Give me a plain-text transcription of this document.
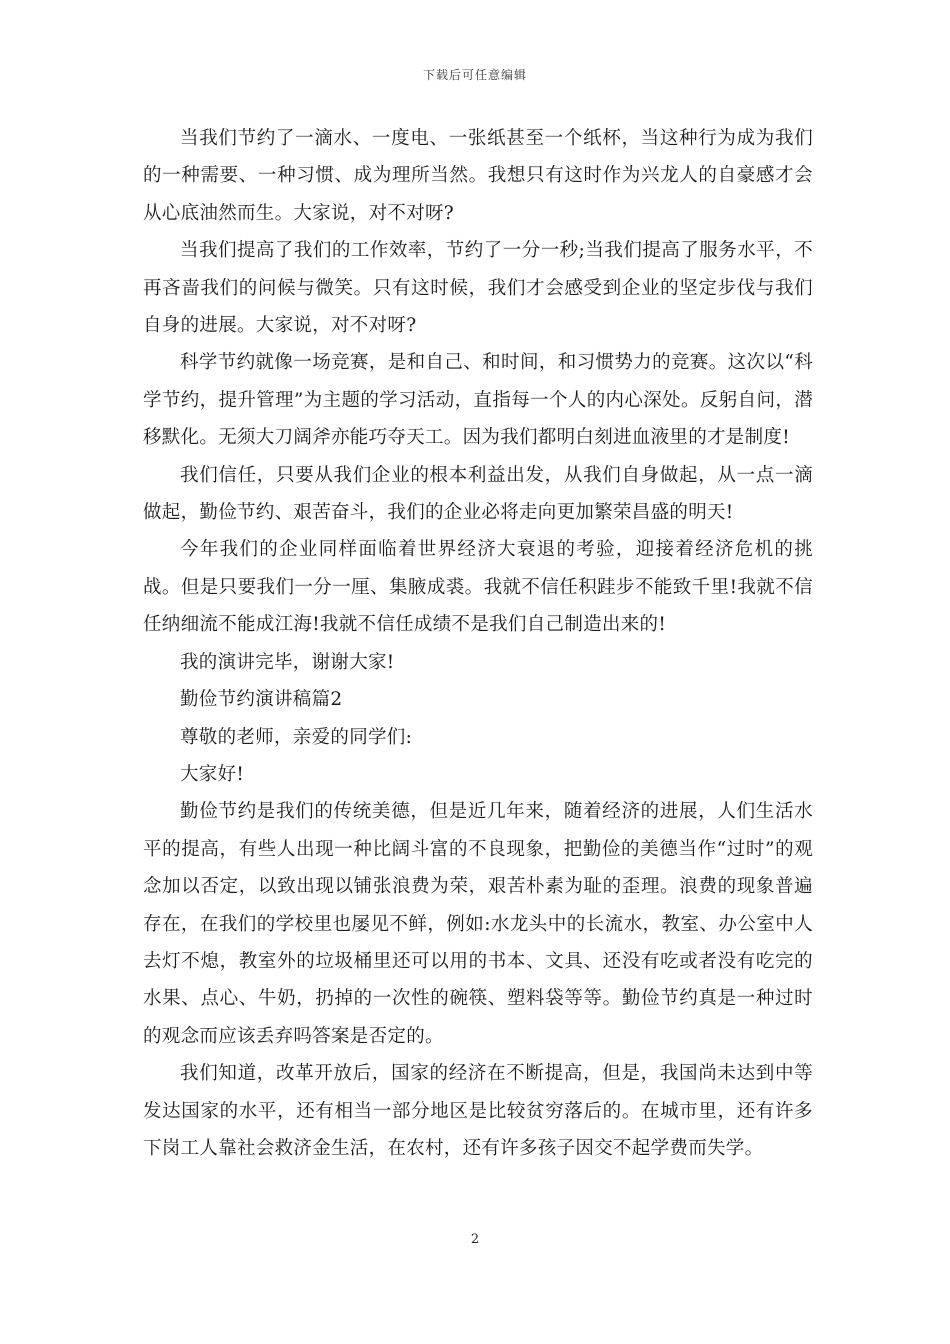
下载后可任意编辑

当我们节约了一滴水、一度电、一张纸甚至一个纸杯，当这种行为成为我们的一种需要、一种习惯、成为理所当然。我想只有这时作为兴龙人的自豪感才会从心底油然而生。大家说，对不对呀?

当我们提高了我们的工作效率，节约了一分一秒;当我们提高了服务水平，不再吝啬我们的问候与微笑。只有这时候，我们才会感受到企业的坚定步伐与我们自身的进展。大家说，对不对呀?

科学节约就像一场竞赛，是和自己、和时间，和习惯势力的竞赛。这次以“科学节约，提升管理”为主题的学习活动，直指每一个人的内心深处。反躬自问，潜移默化。无须大刀阔斧亦能巧夺天工。因为我们都明白刻进血液里的才是制度!

我们信任，只要从我们企业的根本利益出发，从我们自身做起，从一点一滴做起，勤俭节约、艰苦奋斗，我们的企业必将走向更加繁荣昌盛的明天!

今年我们的企业同样面临着世界经济大衰退的考验，迎接着经济危机的挑战。但是只要我们一分一厘、集腋成裘。我就不信任积跬步不能致千里!我就不信任纳细流不能成江海!我就不信任成绩不是我们自己制造出来的!

我的演讲完毕，谢谢大家!

勤俭节约演讲稿篇2

尊敬的老师，亲爱的同学们:

大家好!

勤俭节约是我们的传统美德，但是近几年来，随着经济的进展，人们生活水平的提高，有些人出现一种比阔斗富的不良现象，把勤俭的美德当作“过时”的观念加以否定，以致出现以铺张浪费为荣，艰苦朴素为耻的歪理。浪费的现象普遍存在，在我们的学校里也屡见不鲜，例如:水龙头中的长流水，教室、办公室中人去灯不熄，教室外的垃圾桶里还可以用的书本、文具、还没有吃或者没有吃完的水果、点心、牛奶，扔掉的一次性的碗筷、塑料袋等等。勤俭节约真是一种过时的观念而应该丢弃吗答案是否定的。

我们知道，改革开放后，国家的经济在不断提高，但是，我国尚未达到中等发达国家的水平，还有相当一部分地区是比较贫穷落后的。在城市里，还有许多下岗工人靠社会救济金生活，在农村，还有许多孩子因交不起学费而失学。

2
